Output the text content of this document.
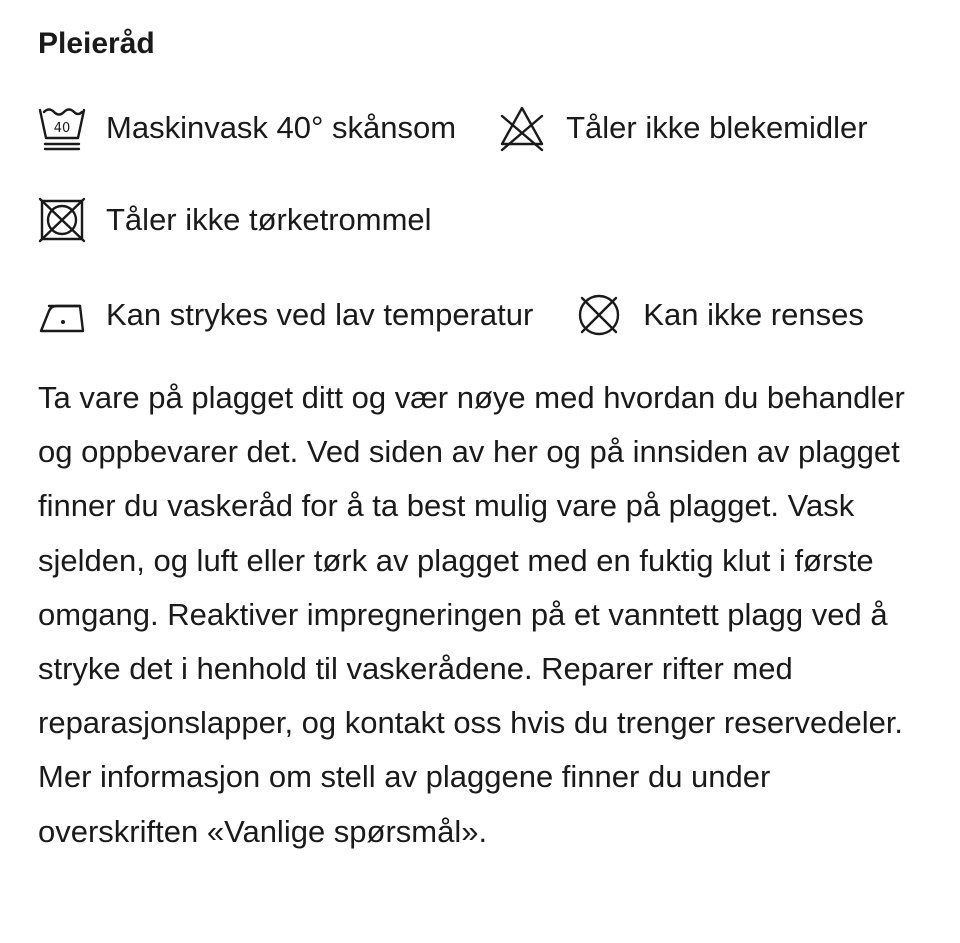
Pleieråd
40 Maskinvask 40° skånsom	Tåler ikke blekemidler
Tåler ikke tørketrommel
Kan strykes ved lav temperatur	Kan ikke renses

Ta vare på plagget ditt og vær nøye med hvordan du behandler og oppbevarer det. Ved siden av her og på innsiden av plagget finner du vaskeråd for å ta best mulig vare på plagget. Vask sjelden, og luft eller tørk av plagget med en fuktig klut i første omgang. Reaktiver impregneringen på et vanntett plagg ved å stryke det i henhold til vaskerådene. Reparer rifter med reparasjonslapper, og kontakt oss hvis du trenger reservedeler. Mer informasjon om stell av plaggene finner du under overskriften «Vanlige spørsmål».
